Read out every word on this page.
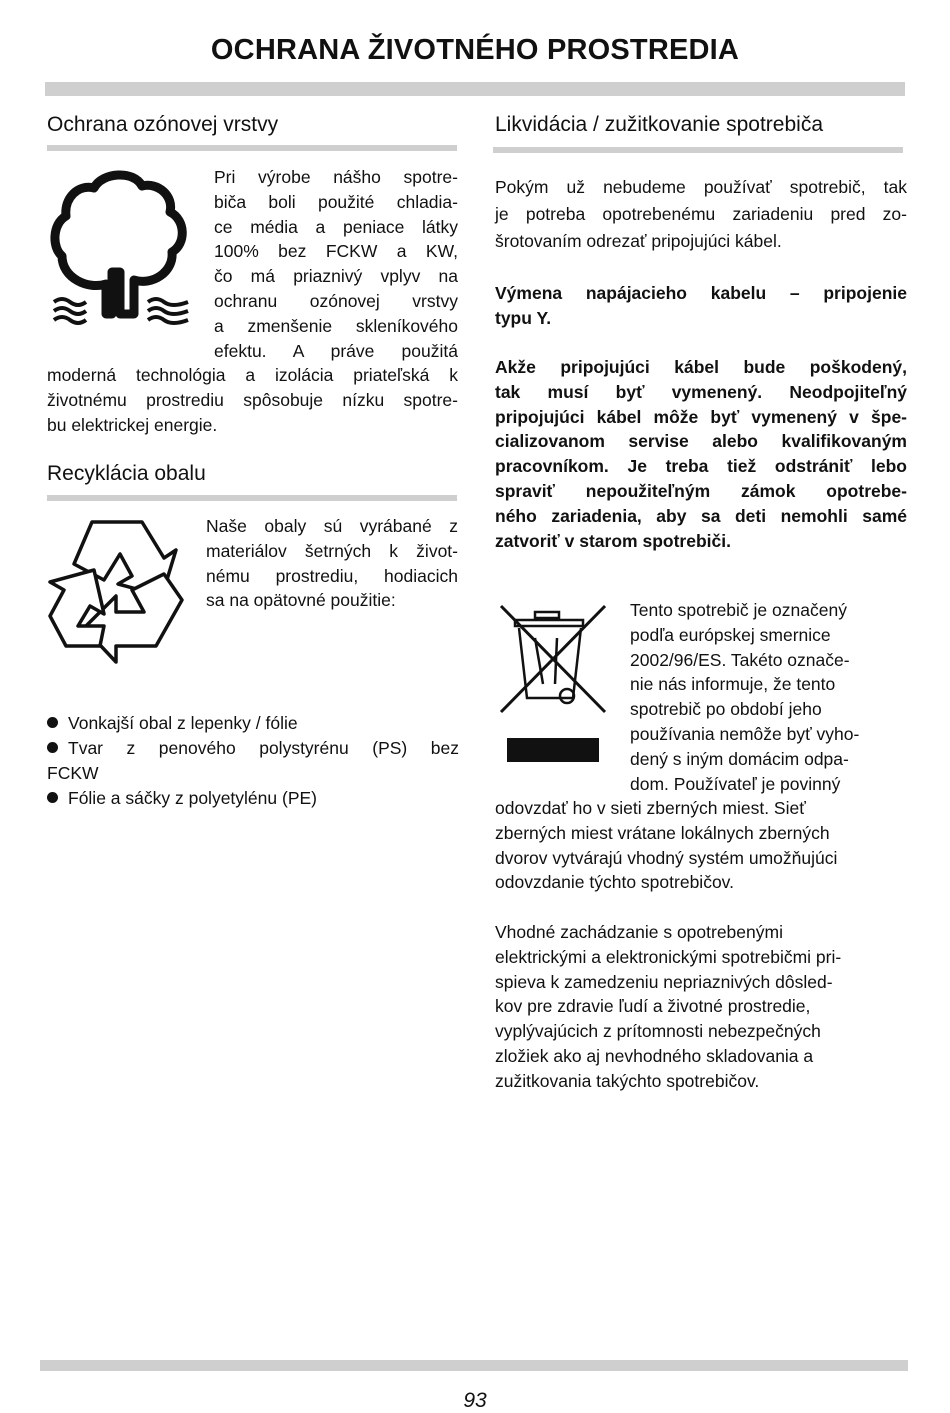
OCHRANA ŽIVOTNÉHO PROSTREDIA
Ochrana ozónovej vrstvy
Pri výrobe nášho spotre-
biča boli použité chladia-
ce média a peniace látky
100% bez FCKW a KW,
čo má priaznivý vplyv na
ochranu ozónovej vrstvy
a zmenšenie skleníkového
efektu. A práve použitá
moderná technológia a izolácia priateľská k
životnému prostrediu spôsobuje nízku spotre-
bu elektrickej energie.
Recyklácia obalu
Naše obaly sú vyrábané z
materiálov šetrných k život-
nému prostrediu, hodiacich
sa na opätovné použitie:
Vonkajší obal z lepenky / fólie
Tvar z penového polystyrénu (PS) bez
FCKW
Fólie a sáčky z polyetylénu (PE)
Likvidácia / zužitkovanie spotrebiča
Pokým už nebudeme používať spotrebič, tak
je potreba opotrebenému zariadeniu pred zo-
šrotovaním odrezať pripojujúci kábel.
Výmena napájacieho kabelu – pripojenie
typu Y.
Akže pripojujúci kábel bude poškodený,
tak musí byť vymenený. Neodpojiteľný
pripojujúci kábel môže byť vymenený v špe-
cializovanom servise alebo kvalifikovaným
pracovníkom. Je treba tiež odstrániť lebo
spraviť nepoužiteľným zámok opotrebe-
ného zariadenia, aby sa deti nemohli samé
zatvoriť v starom spotrebiči.
Tento spotrebič je označený
podľa európskej smernice
2002/96/ES. Takéto označe-
nie nás informuje, že tento
spotrebič po období jeho
používania nemôže byť vyho-
dený s iným domácim odpa-
dom. Používateľ je povinný
odovzdať ho v sieti zberných miest. Sieť
zberných miest vrátane lokálnych zberných
dvorov vytvárajú vhodný systém umožňujúci
odovzdanie týchto spotrebičov.
Vhodné zachádzanie s opotrebenými
elektrickými a elektronickými spotrebičmi pri-
spieva k zamedzeniu nepriaznivých dôsled-
kov pre zdravie ľudí a životné prostredie,
vyplývajúcich z prítomnosti nebezpečných
zložiek ako aj nevhodného skladovania a
zužitkovania takýchto spotrebičov.
93
